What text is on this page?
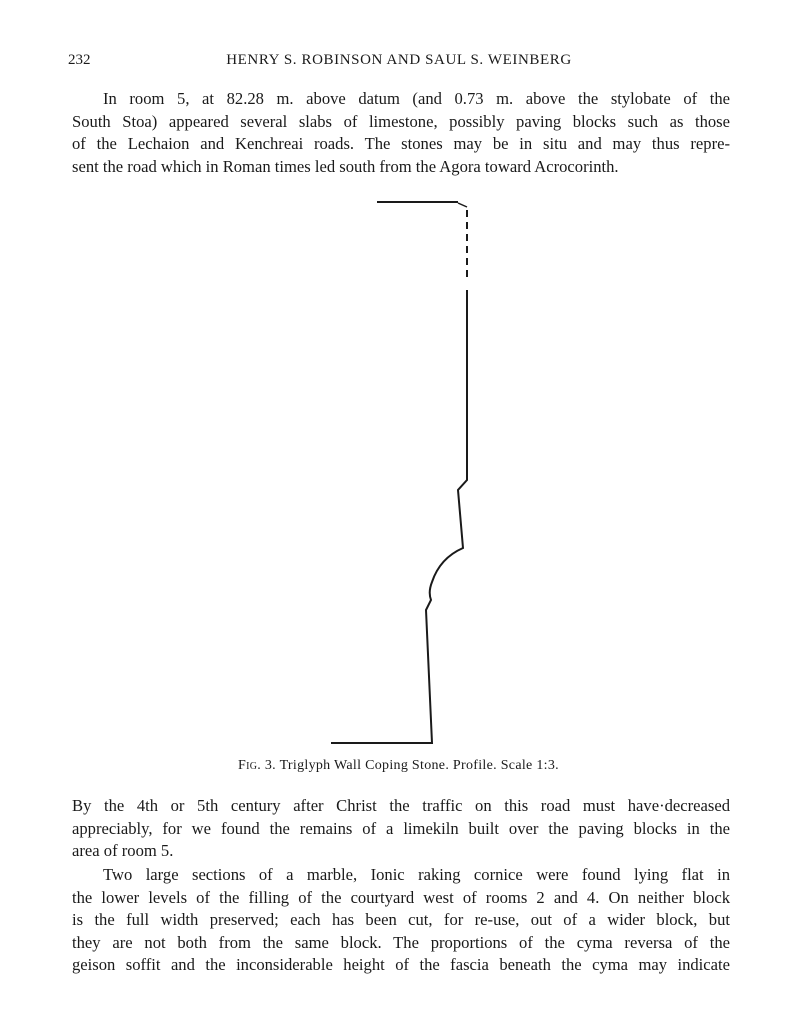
232	HENRY S. ROBINSON AND SAUL S. WEINBERG

In room 5, at 82.28 m. above datum (and 0.73 m. above the stylobate of the
South Stoa) appeared several slabs of limestone, possibly paving blocks such as those
of the Lechaion and Kenchreai roads. The stones may be in situ and may thus repre-
sent the road which in Roman times led south from the Agora toward Acrocorinth.

Fig. 3. Triglyph Wall Coping Stone. Profile. Scale 1:3.

By the 4th or 5th century after Christ the traffic on this road must have·decreased
appreciably, for we found the remains of a limekiln built over the paving blocks in the
area of room 5.

Two large sections of a marble, Ionic raking cornice were found lying flat in
the lower levels of the filling of the courtyard west of rooms 2 and 4. On neither block
is the full width preserved; each has been cut, for re-use, out of a wider block, but
they are not both from the same block. The proportions of the cyma reversa of the
geison soffit and the inconsiderable height of the fascia beneath the cyma may indicate
